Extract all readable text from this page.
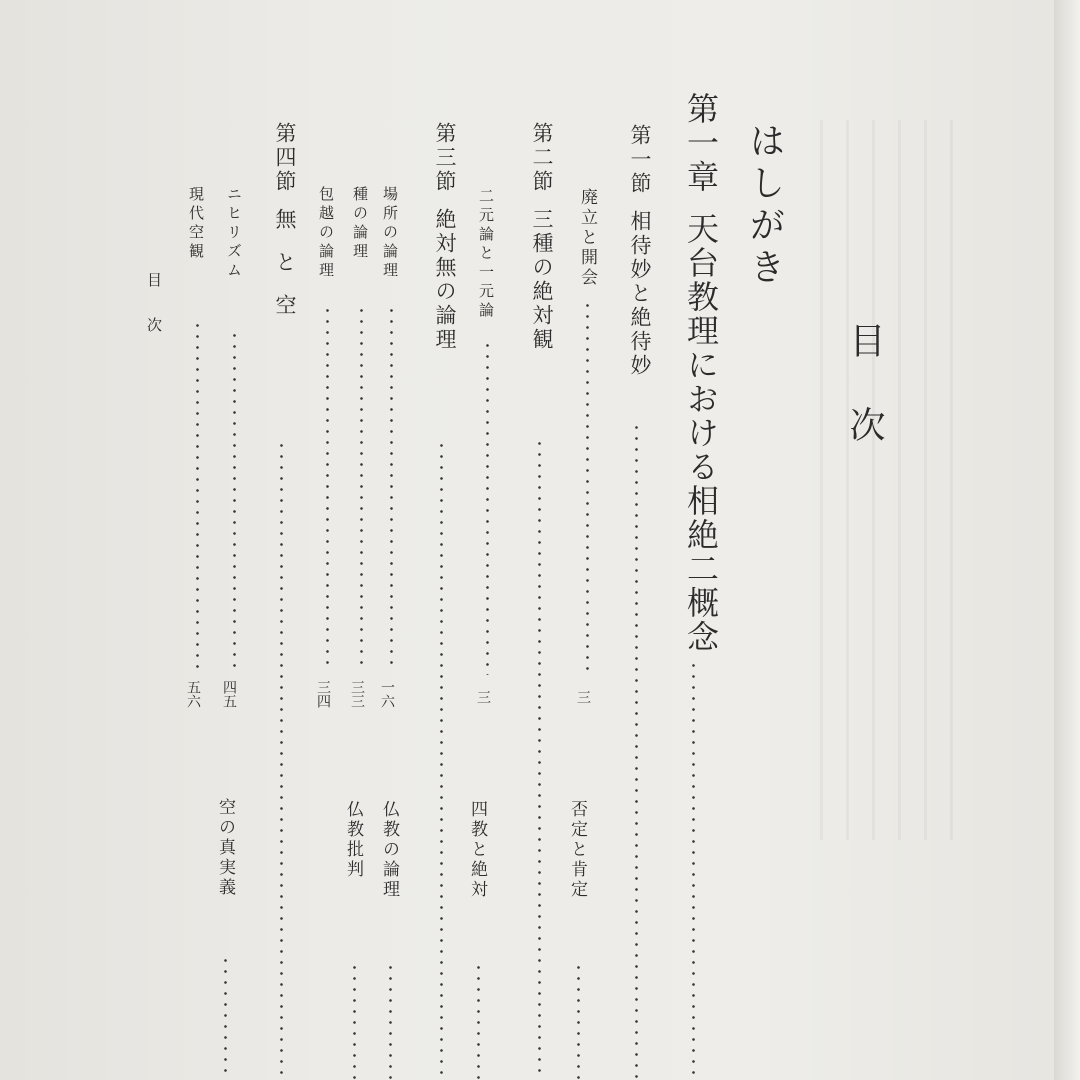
目　次
はしがき
第一章天台教理における相絶二概念
第一節相待妙と絶待妙
廃立と開会
三
否定と肯定
第二節三種の絶対観
二元論と一元論
三
四教と絶対
第三節絶対無の論理
場所の論理
一六
種の論理
三三
包越の論理
三四
仏教の論理
仏教批判
第四節無と空
ニヒリズム
四五
現代空観
五六
空の真実義
目次
